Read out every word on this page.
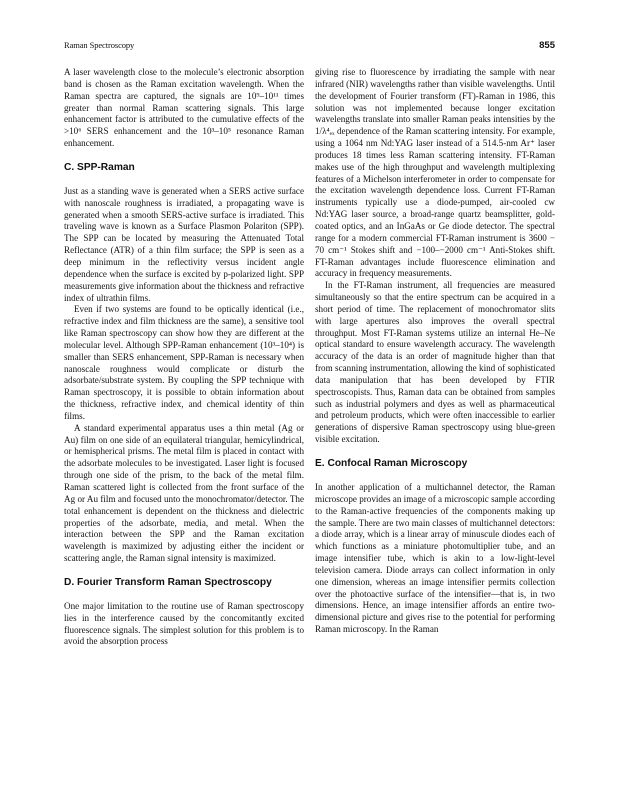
Raman Spectroscopy	855

A laser wavelength close to the molecule’s electronic absorption band is chosen as the Raman excitation wavelength. When the Raman spectra are captured, the signals are 10⁹–10¹¹ times greater than normal Raman scattering signals. This large enhancement factor is attributed to the cumulative effects of the >10⁶ SERS enhancement and the 10³–10⁵ resonance Raman enhancement.

C. SPP-Raman

Just as a standing wave is generated when a SERS active surface with nanoscale roughness is irradiated, a propagating wave is generated when a smooth SERS-active surface is irradiated. This traveling wave is known as a Surface Plasmon Polariton (SPP). The SPP can be located by measuring the Attenuated Total Reflectance (ATR) of a thin film surface; the SPP is seen as a deep minimum in the reflectivity versus incident angle dependence when the surface is excited by p-polarized light. SPP measurements give information about the thickness and refractive index of ultrathin films.

Even if two systems are found to be optically identical (i.e., refractive index and film thickness are the same), a sensitive tool like Raman spectroscopy can show how they are different at the molecular level. Although SPP-Raman enhancement (10³–10⁴) is smaller than SERS enhancement, SPP-Raman is necessary when nanoscale roughness would complicate or disturb the adsorbate/substrate system. By coupling the SPP technique with Raman spectroscopy, it is possible to obtain information about the thickness, refractive index, and chemical identity of thin films.

A standard experimental apparatus uses a thin metal (Ag or Au) film on one side of an equilateral triangular, hemicylindrical, or hemispherical prisms. The metal film is placed in contact with the adsorbate molecules to be investigated. Laser light is focused through one side of the prism, to the back of the metal film. Raman scattered light is collected from the front surface of the Ag or Au film and focused unto the monochromator/detector. The total enhancement is dependent on the thickness and dielectric properties of the adsorbate, media, and metal. When the interaction between the SPP and the Raman excitation wavelength is maximized by adjusting either the incident or scattering angle, the Raman signal intensity is maximized.

D. Fourier Transform Raman Spectroscopy

One major limitation to the routine use of Raman spectroscopy lies in the interference caused by the concomitantly excited fluorescence signals. The simplest solution for this problem is to avoid the absorption process

giving rise to fluorescence by irradiating the sample with near infrared (NIR) wavelengths rather than visible wavelengths. Until the development of Fourier transform (FT)-Raman in 1986, this solution was not implemented because longer excitation wavelengths translate into smaller Raman peaks intensities by the 1/λ⁴ₑₓ dependence of the Raman scattering intensity. For example, using a 1064 nm Nd:YAG laser instead of a 514.5-nm Ar⁺ laser produces 18 times less Raman scattering intensity. FT-Raman makes use of the high throughput and wavelength multiplexing features of a Michelson interferometer in order to compensate for the excitation wavelength dependence loss. Current FT-Raman instruments typically use a diode-pumped, air-cooled cw Nd:YAG laser source, a broad-range quartz beamsplitter, gold-coated optics, and an InGaAs or Ge diode detector. The spectral range for a modern commercial FT-Raman instrument is 3600 − 70 cm⁻¹ Stokes shift and −100–−2000 cm⁻¹ Anti-Stokes shift. FT-Raman advantages include fluorescence elimination and accuracy in frequency measurements.

In the FT-Raman instrument, all frequencies are measured simultaneously so that the entire spectrum can be acquired in a short period of time. The replacement of monochromator slits with large apertures also improves the overall spectral throughput. Most FT-Raman systems utilize an internal He–Ne optical standard to ensure wavelength accuracy. The wavelength accuracy of the data is an order of magnitude higher than that from scanning instrumentation, allowing the kind of sophisticated data manipulation that has been developed by FTIR spectroscopists. Thus, Raman data can be obtained from samples such as industrial polymers and dyes as well as pharmaceutical and petroleum products, which were often inaccessible to earlier generations of dispersive Raman spectroscopy using blue-green visible excitation.

E. Confocal Raman Microscopy

In another application of a multichannel detector, the Raman microscope provides an image of a microscopic sample according to the Raman-active frequencies of the components making up the sample. There are two main classes of multichannel detectors: a diode array, which is a linear array of minuscule diodes each of which functions as a miniature photomultiplier tube, and an image intensifier tube, which is akin to a low-light-level television camera. Diode arrays can collect information in only one dimension, whereas an image intensifier permits collection over the photoactive surface of the intensifier—that is, in two dimensions. Hence, an image intensifier affords an entire two-dimensional picture and gives rise to the potential for performing Raman microscopy. In the Raman
